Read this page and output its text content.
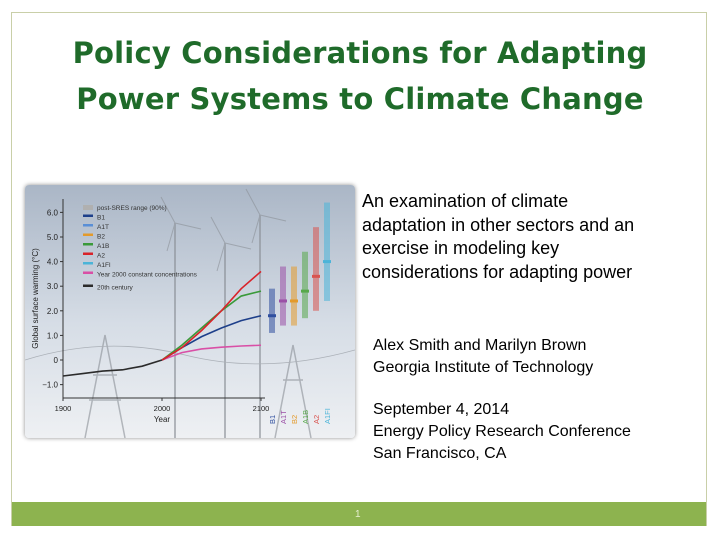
Policy Considerations for Adapting
Power Systems to Climate Change
post-SRES range (90%)
B1
A1T
B2
A1B
A2
A1FI
Year 2000 constant concentrations
20th century
6.0
5.0
4.0
3.0
2.0
1.0
0
−1.0
1900	2000	2100
Year
Global surface warming (°C)
B1 A1T B2 A1B A2 A1FI
An examination of climate
adaptation in other sectors and an
exercise in modeling key
considerations for adapting power
Alex Smith and Marilyn Brown
Georgia Institute of Technology
September 4, 2014
Energy Policy Research Conference
San Francisco, CA
1
